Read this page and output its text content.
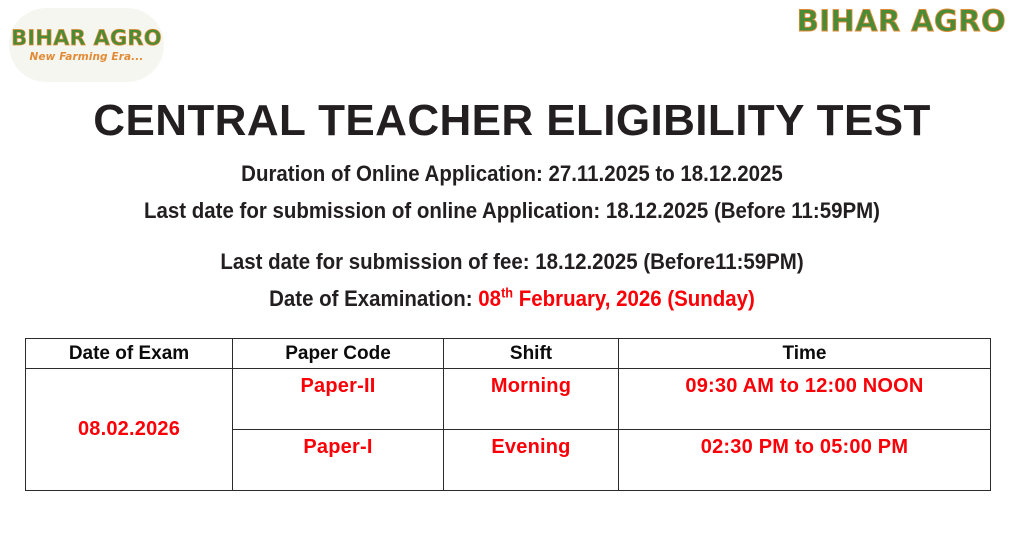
BIHAR AGRO
New Farming Era...
BIHAR AGRO
CENTRAL TEACHER ELIGIBILITY TEST
Duration of Online Application: 27.11.2025 to 18.12.2025
Last date for submission of online Application: 18.12.2025 (Before 11:59PM)
Last date for submission of fee: 18.12.2025 (Before11:59PM)
Date of Examination: 08th February, 2026 (Sunday)
Date of Exam	Paper Code	Shift	Time
08.02.2026	Paper-II	Morning	09:30 AM to 12:00 NOON
	Paper-I	Evening	02:30 PM to 05:00 PM
